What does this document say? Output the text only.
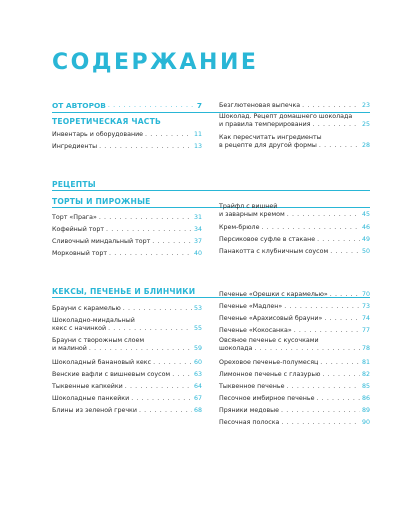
СОДЕРЖАНИЕ
ОТ АВТОРОВ . . .	7
ТЕОРЕТИЧЕСКАЯ ЧАСТЬ
Инвентарь и оборудование . . .	11
Ингредиенты . . .	13
РЕЦЕПТЫ
ТОРТЫ И ПИРОЖНЫЕ
Торт «Прага» . . .	31
Кофейный торт . . .	34
Сливочный миндальный торт . . .	37
Морковный торт . . .	40
КЕКСЫ, ПЕЧЕНЬЕ И БЛИНЧИКИ
Брауни с карамелью . . .	53
Шоколадно-миндальный
кекс с начинкой . . .	55
Брауни с творожным слоем
и малиной . . .	59
Шоколадный банановый кекс . . .	60
Венские вафли с вишневым соусом . . .	63
Тыквенные капкейки . . .	64
Шоколадные панкейки . . .	67
Блины из зеленой гречки . . .	68
Безглютеновая выпечка . . .	23
Шоколад. Рецепт домашнего шоколада
и правила темперирования . . .	25
Как пересчитать ингредиенты
в рецепте для другой формы . . .	28
Трайфл с вишней
и заварным кремом . . .	45
Крем-брюле . . .	46
Персиковое суфле в стакане . . .	49
Панакотта с клубничным соусом . . .	50
Печенье «Орешки с карамелью» . . .	70
Печенье «Мадлен» . . .	73
Печенье «Арахисовый брауни» . . .	74
Печенье «Кокосанка» . . .	77
Овсяное печенье с кусочками
шоколада . . .	78
Ореховое печенье-полумесяц . . .	81
Лимонное печенье с глазурью . . .	82
Тыквенное печенье . . .	85
Песочное имбирное печенье . . .	86
Пряники медовые . . .	89
Песочная полоска . . .	90
